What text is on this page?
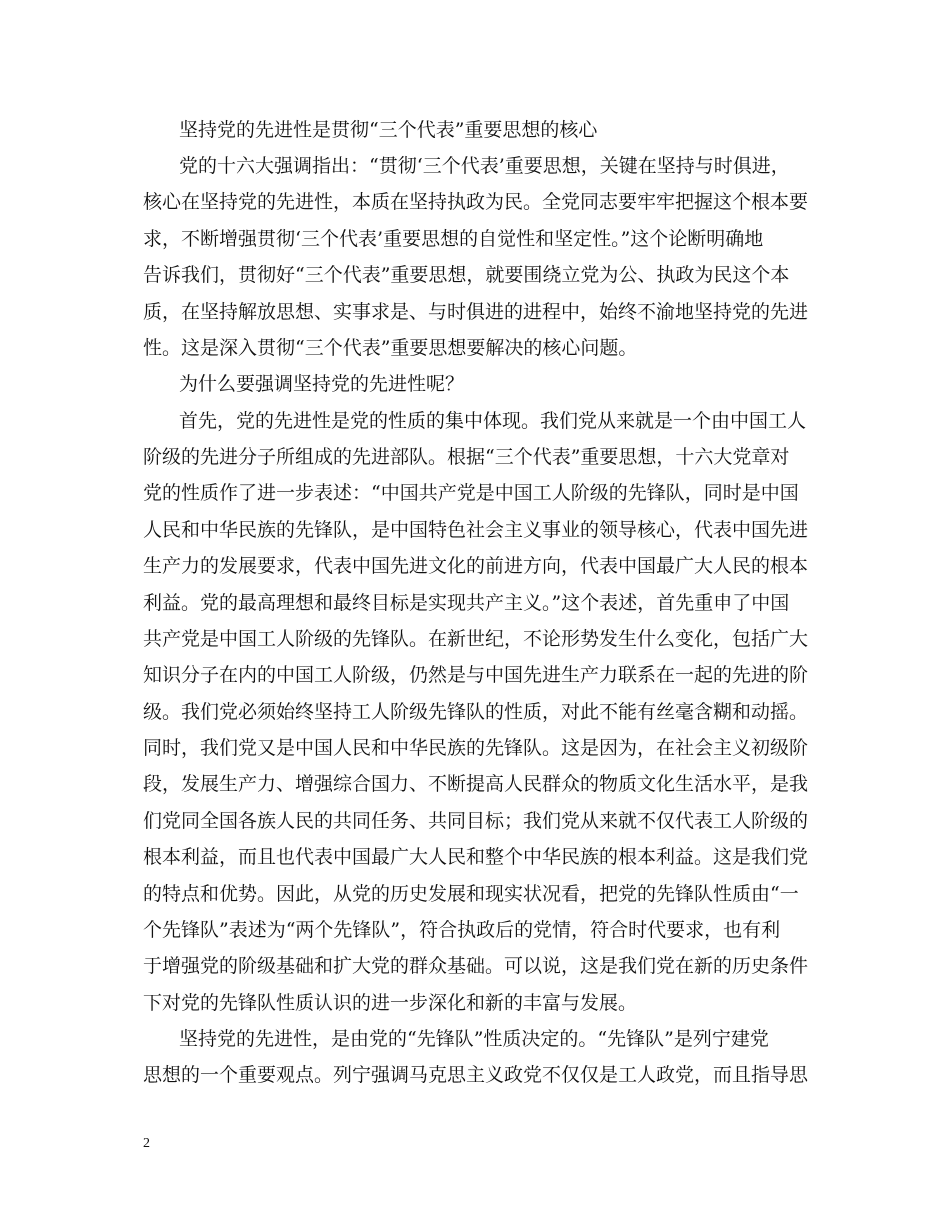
坚持党的先进性是贯彻“三个代表”重要思想的核心
党的十六大强调指出：“贯彻‘三个代表’重要思想，关键在坚持与时俱进，
核心在坚持党的先进性，本质在坚持执政为民。全党同志要牢牢把握这个根本要
求，不断增强贯彻‘三个代表’重要思想的自觉性和坚定性。”这个论断明确地
告诉我们，贯彻好“三个代表”重要思想，就要围绕立党为公、执政为民这个本
质，在坚持解放思想、实事求是、与时俱进的进程中，始终不渝地坚持党的先进
性。这是深入贯彻“三个代表”重要思想要解决的核心问题。
为什么要强调坚持党的先进性呢？
首先，党的先进性是党的性质的集中体现。我们党从来就是一个由中国工人
阶级的先进分子所组成的先进部队。根据“三个代表”重要思想，十六大党章对
党的性质作了进一步表述：“中国共产党是中国工人阶级的先锋队，同时是中国
人民和中华民族的先锋队，是中国特色社会主义事业的领导核心，代表中国先进
生产力的发展要求，代表中国先进文化的前进方向，代表中国最广大人民的根本
利益。党的最高理想和最终目标是实现共产主义。”这个表述，首先重申了中国
共产党是中国工人阶级的先锋队。在新世纪，不论形势发生什么变化，包括广大
知识分子在内的中国工人阶级，仍然是与中国先进生产力联系在一起的先进的阶
级。我们党必须始终坚持工人阶级先锋队的性质，对此不能有丝毫含糊和动摇。
同时，我们党又是中国人民和中华民族的先锋队。这是因为，在社会主义初级阶
段，发展生产力、增强综合国力、不断提高人民群众的物质文化生活水平，是我
们党同全国各族人民的共同任务、共同目标；我们党从来就不仅代表工人阶级的
根本利益，而且也代表中国最广大人民和整个中华民族的根本利益。这是我们党
的特点和优势。因此，从党的历史发展和现实状况看，把党的先锋队性质由“一
个先锋队”表述为“两个先锋队”，符合执政后的党情，符合时代要求，也有利
于增强党的阶级基础和扩大党的群众基础。可以说，这是我们党在新的历史条件
下对党的先锋队性质认识的进一步深化和新的丰富与发展。
坚持党的先进性，是由党的“先锋队”性质决定的。“先锋队”是列宁建党
思想的一个重要观点。列宁强调马克思主义政党不仅仅是工人政党，而且指导思
2
